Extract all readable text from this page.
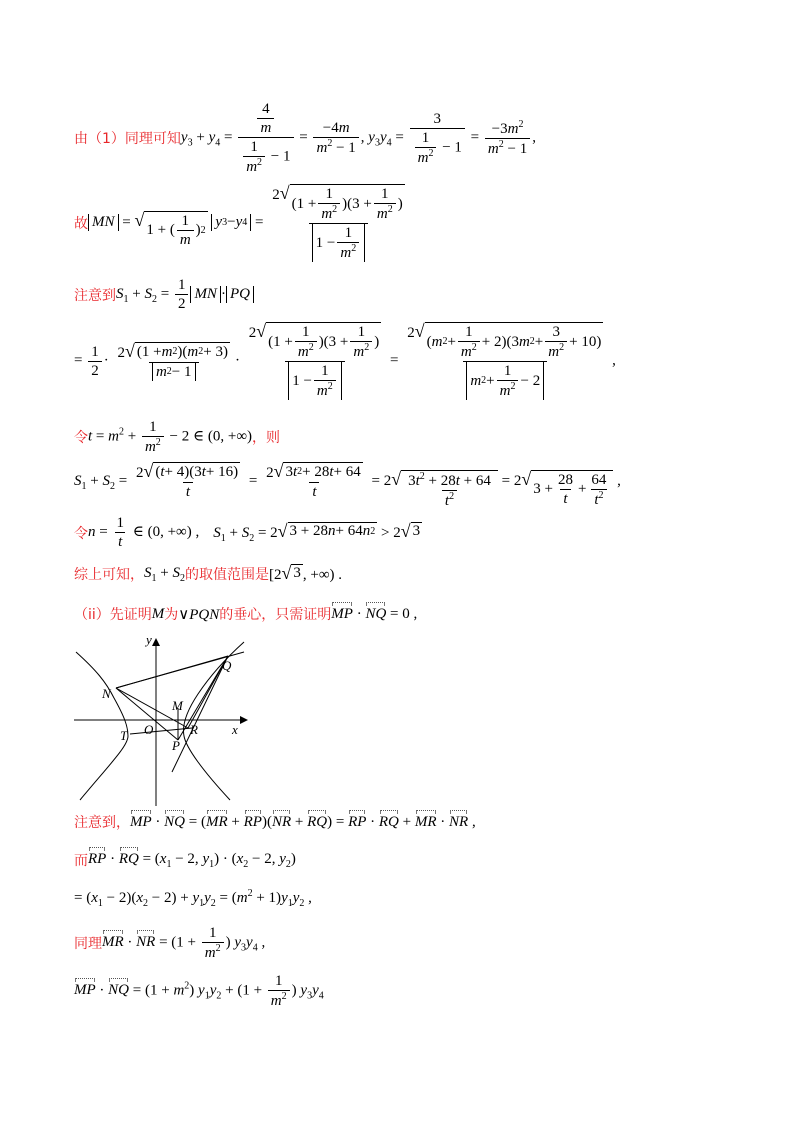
由（1）同理可知 $y_3 + y_4 = \frac{\frac{4}{m}}{\frac{1}{m^2} - 1} = \frac{-4m}{m^2 - 1}$ , $y_3y_4 = \frac{3}{\frac{1}{m^2} - 1} = \frac{-3m^2}{m^2 - 1}$ ,
故 MN = √ 1 + ( $\frac{1}{m}$ ) 2

y 3 − y 4 = 2 √
$(1 + \frac{1}{m^2} )(3 + \frac{1}{m^2}$ )
$1 - \frac{1}{m^2}$
注意到 $S_1 + S_2 = \frac{1}{2}$ MN · PQ
= $\frac{1}{2} \cdot \frac{2 √ (1 + m 2 )( m 2 + 3)}{m 2 - 1} \cdot 2$ √
$(1 + \frac{1}{m^2} )(3 + \frac{1}{m^2}$ )
$1 - \frac{1}{m^2} = 2$ √
( m $2 + \frac{1}{m^2} + 2)(3$ m $2 + \frac{3}{m^2} + 10$)
m $2 + \frac{1}{m^2} - 2$ ,
令 $t = m^2 + \frac{1}{m^2} - 2$ ∈ (0, +∞) ，则
$S_1 + S_2 = \frac{2 √ ( t + 4)(3 t + 16)}{t} = \frac{2 √ 3 t 2 + 28 t + 64}{t} = 2$ √ $\frac{3t^2 + 28t + 64}{t^2} = 2$ √
$3 + \frac{28}{t} + \frac{64}{t^2}$ ,
令 $n = \frac{1}{t}$ ∈ (0, +∞) , $S_1 + S_2 = 2$ √ 3 + 28 n + 64 n 2 > 2 √ 3
综上可知， $S_1 + S_2$ 的取值范围是 [2 √ 3 , +∞) .
（ii）先证明 M 为 ∨PQN 的垂心，只需证明 MP · NQ = 0 ,
y
x
Q
N
M
O	R
T
P
注意到， MP · NQ = (MR + RP)(NR + RQ) = RP · RQ + MR · NR ,
而 RP · RQ = ($x_1 - 2$, $y_1) \cdot (x_2 - 2$, $y_2$)
= $(x_1 - 2)(x_2 - 2) + y_1y_2 = (m^2 + 1)y_1y_2$ ,
同理 MR · NR = ($1 + \frac{1}{m^2}$ ) $y_3y_4$ ,
MP · NQ = $(1 + m^2)$ $y_1y_2 + (1 + \frac{1}{m^2}$ ) $y_3y_4$
